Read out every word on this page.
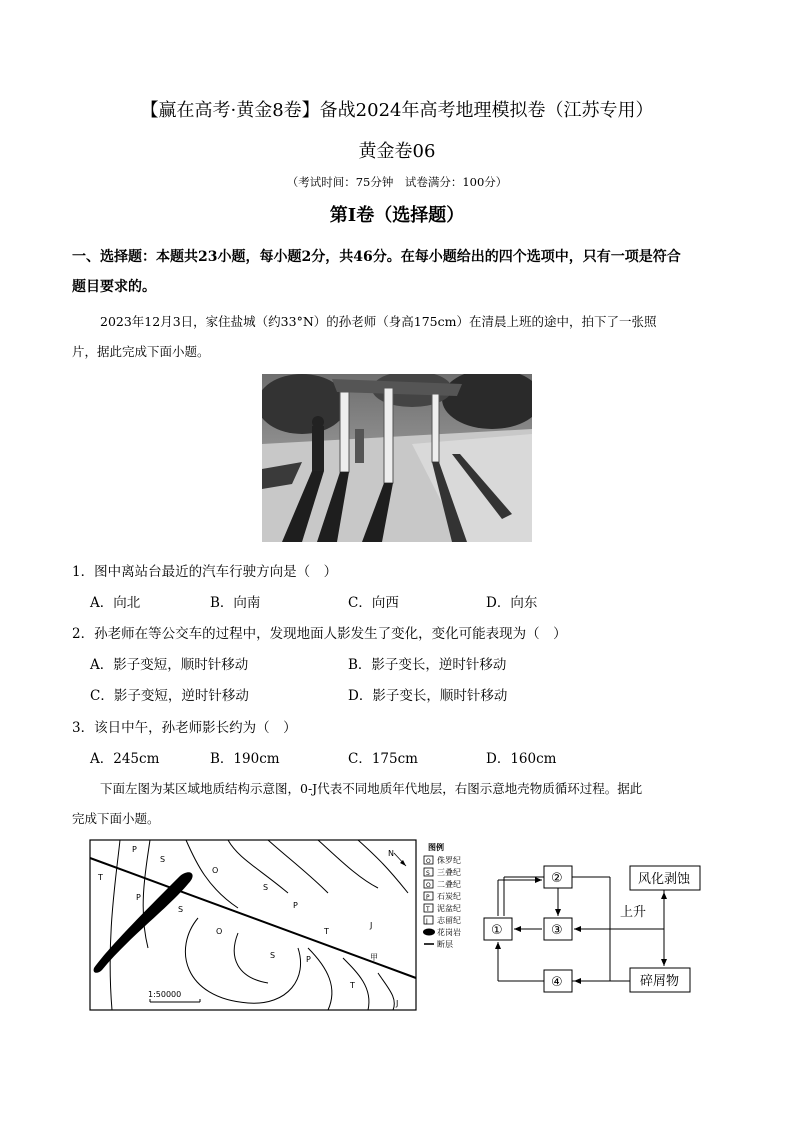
【赢在高考·黄金8卷】备战2024年高考地理模拟卷（江苏专用）
黄金卷06
（考试时间：75分钟　试卷满分：100分）
第Ⅰ卷（选择题）
一、选择题：本题共23小题，每小题2分，共46分。在每小题给出的四个选项中，只有一项是符合
题目要求的。
2023年12月3日，家住盐城（约33°N）的孙老师（身高175cm）在清晨上班的途中，拍下了一张照
片，据此完成下面小题。
1．图中离站台最近的汽车行驶方向是（　）
A．向北	B．向南	C．向西	D．向东
2．孙老师在等公交车的过程中，发现地面人影发生了变化，变化可能表现为（　）
A．影子变短，顺时针移动	B．影子变长，逆时针移动
C．影子变短，逆时针移动	D．影子变长，顺时针移动
3．该日中午，孙老师影长约为（　）
A．245cm	B．190cm	C．175cm	D．160cm
下面左图为某区域地质结构示意图，0-J代表不同地质年代地层，右图示意地壳物质循环过程。据此
完成下面小题。
P
S
T
P
S
O
S
P
T
J
O
S	P
T
J
N
甲
1:50000
图例
O 侏罗纪
S 三叠纪
O 二叠纪
P 石炭纪
T 泥盆纪
J 志留纪
花岗岩
断层
①
②
③
④
风化剥蚀
碎屑物
上升
